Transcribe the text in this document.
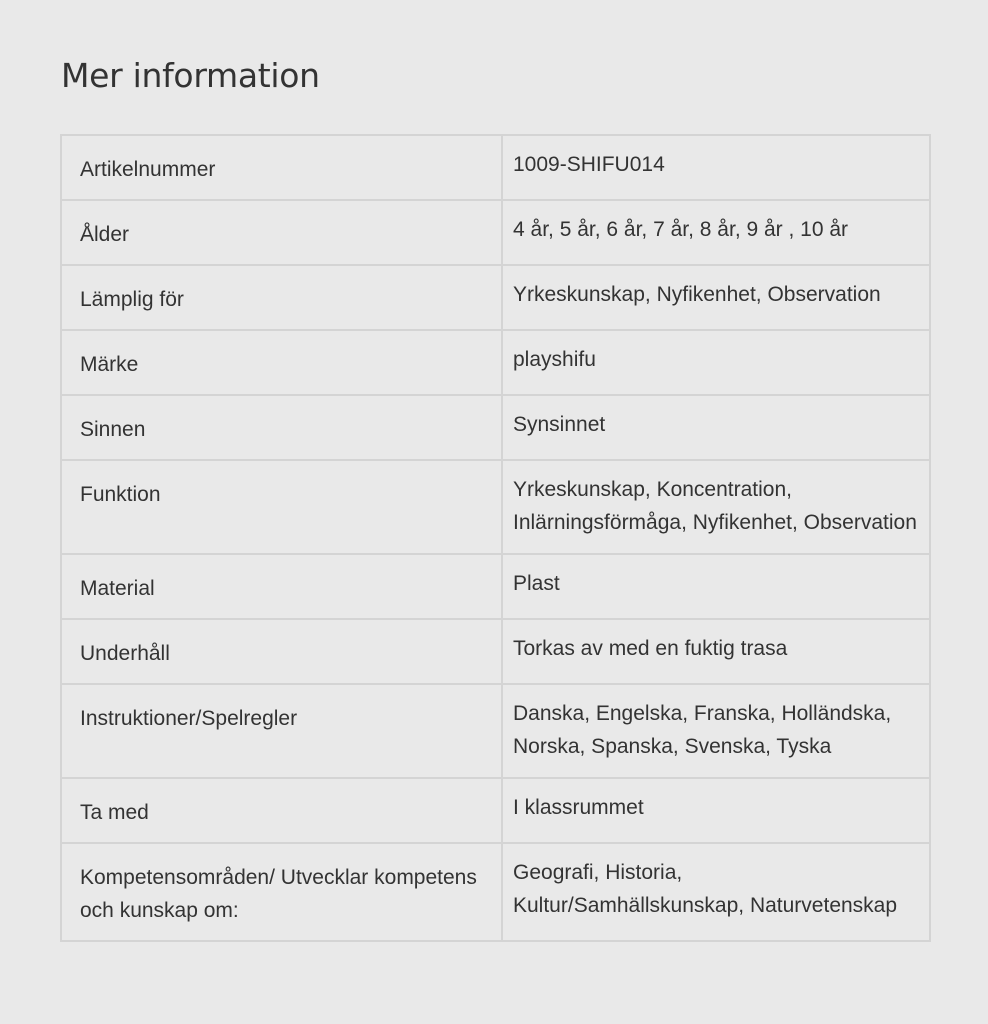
Mer information
Artikelnummer	1009-SHIFU014
Ålder	4 år, 5 år, 6 år, 7 år, 8 år, 9 år , 10 år
Lämplig för	Yrkeskunskap, Nyfikenhet, Observation
Märke	playshifu
Sinnen	Synsinnet
Funktion	Yrkeskunskap, Koncentration, Inlärningsförmåga, Nyfikenhet, Observation
Material	Plast
Underhåll	Torkas av med en fuktig trasa
Instruktioner/Spelregler	Danska, Engelska, Franska, Holländska, Norska, Spanska, Svenska, Tyska
Ta med	I klassrummet
Kompetensområden/ Utvecklar kompetens och kunskap om:	Geografi, Historia, Kultur/Samhällskunskap, Naturvetenskap
